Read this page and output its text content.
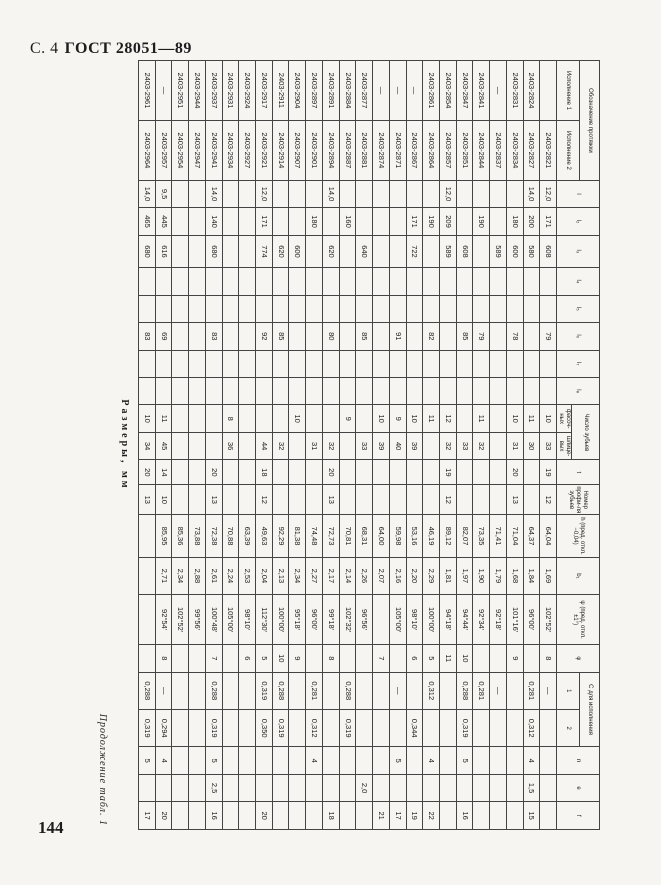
С. 4 ГОСТ 28051—89
Обозначение протяжки		l	l₂	l₃	l₄	l₅	l₆	l₇	l₈	Число зубьев		t	Номер профи-ля зубьев	h (пред. откл. −0,04)	b₁	ψ (пред. откл. ±1°)	φ	C для исполнения		n	e	f
Исполнение 1	Исполнение 2																	1	2			
										фасоч-ных	шлице-вых											
	2403-2821	12,0	171	608			79			10	33	19	12	64,04	1,69	102°52'	8	—				
2403-2824	2403-2827	14,0	200	580						11	30			64,37	1,84	96°00'		0,281	0,312	4	1,5	15
2403-2831	2403-2834		180	600			78			10	31	20	13	71,04	1,68	101°16'	9					
—	2403-2837			589										71,41	1,79	92°18'		—				
2403-2841	2403-2844		190				79			11	32			73,35	1,90	92°34'		0,281				
2403-2847	2403-2851			608			85				33			82,07	1,97	94°44'	10	0,288	0,319	5		16
2403-2854	2403-2857	12,0	209	589						12	32	19	12	89,12	1,81	94°18'	11					
2403-2861	2403-2864		190				82			11				46,19	2,29	100°00'	5	0,312		4		22
—	2403-2867		171	722						10	39			53,16	2,20	98°10'	6		0,344			19
—	2403-2871						91			9	40			59,98	2,16	105°00'		—		5		17
—	2403-2874									10	39			64,00	2,07		7					21
2403-2877	2403-2881			640			85				33			68,31	2,26	96°56'					2,0	
2403-2884	2403-2887		160							9				70,81	2,14	102°32'		0,288	0,319			
2403-2891	2403-2894	14,0		620			80				32	20	13	72,73	2,17	99°18'	8					18
2403-2897	2403-2901		180								31			74,48	2,27	96°00'		0,281	0,312	4		
2403-2904	2403-2907			600						10				81,38	2,34	95°18'	9					
2403-2911	2403-2914			620			85				32			92,29	2,13	100°00'	10	0,288	0,319			
2403-2917	2403-2921	12,0	171	774			92				44	18	12	49,63	2,04	112°30'	5	0,319	0,350			20
2403-2924	2403-2927													63,39	2,53	98°10'	6					
2403-2931	2403-2934									8	36			70,88	2,24	105°00'						
2403-2937	2403-2941	14,0	140	680			83					20	13	72,38	2,61	100°48'	7	0,288	0,319	5	2,5	16
2403-2944	2403-2947													73,88	2,88	99°56'						
2403-2951	2403-2954													85,36	2,34	102°52'						
—	2403-2957	9,5	445	616			69			11	45	14	10	85,95	2,71	92°54'	8	—	0,294	4		20
2403-2961	2403-2964	14,0	465	680			83			10	34	20	13					0,288	0,319	5		17
Размеры, мм
Продолжение табл. 1
144
